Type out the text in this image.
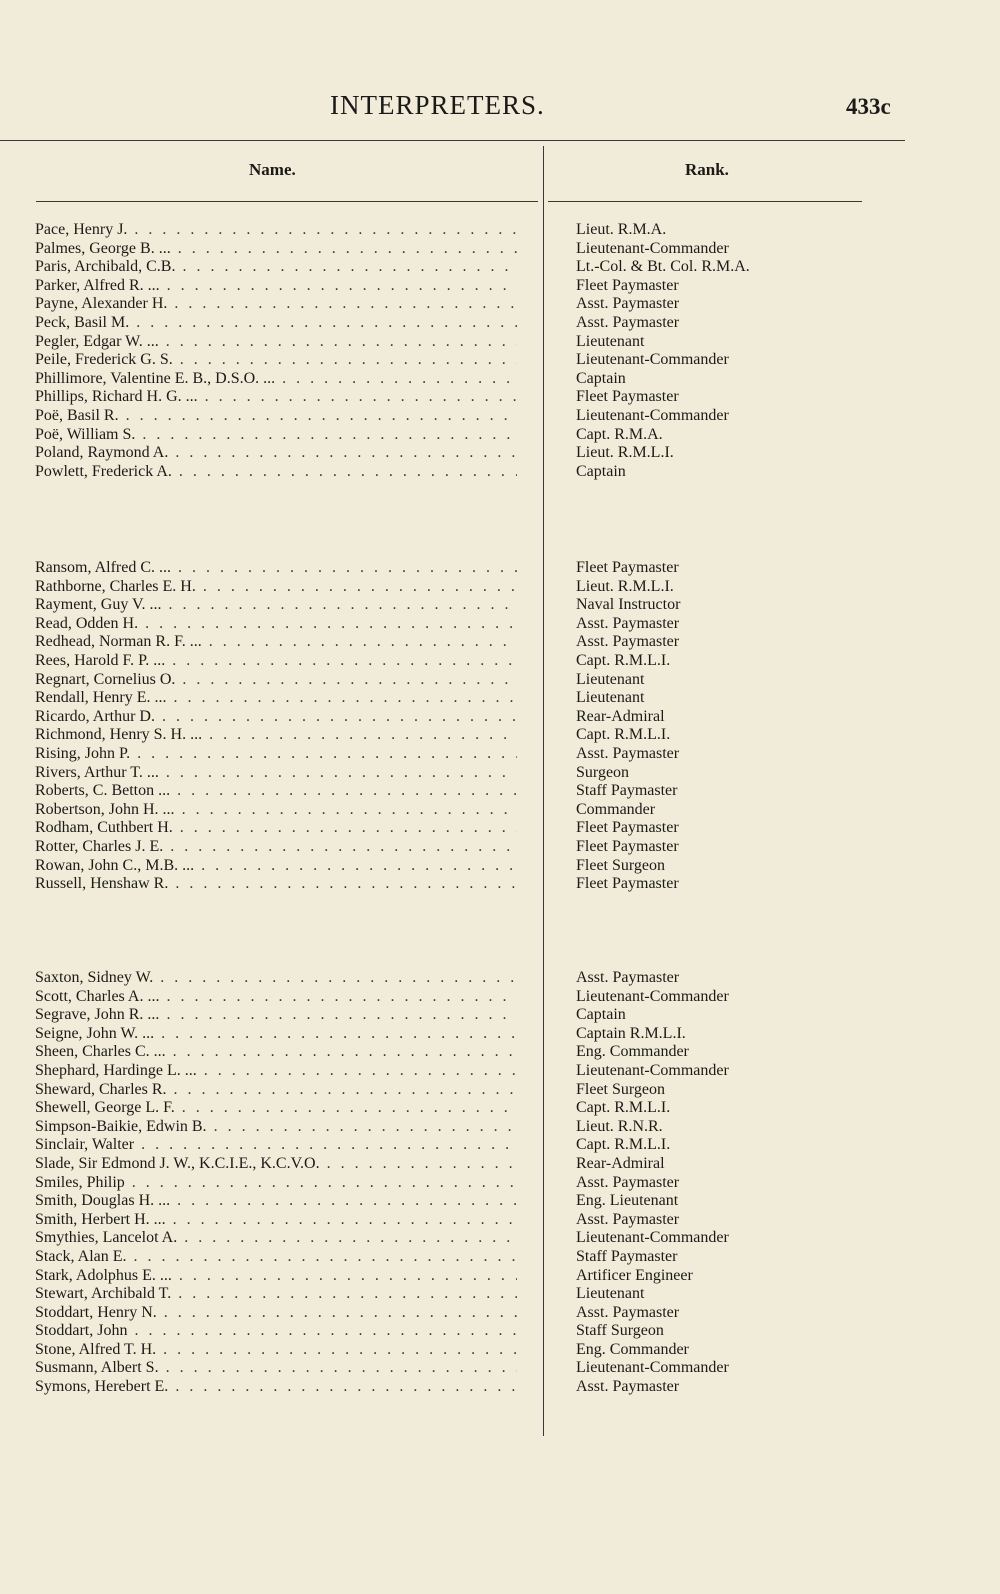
INTERPRETERS.	433c
Name.	Rank.
Pace, Henry J. . . .	Lieut. R.M.A.
Palmes, George B. ... . . .	Lieutenant-Commander
Paris, Archibald, C.B. . . .	Lt.-Col. & Bt. Col. R.M.A.
Parker, Alfred R. ... . . .	Fleet Paymaster
Payne, Alexander H. . . .	Asst. Paymaster
Peck, Basil M. . . .	Asst. Paymaster
Pegler, Edgar W. ... . . .	Lieutenant
Peile, Frederick G. S. . . .	Lieutenant-Commander
Phillimore, Valentine E. B., D.S.O. ... . . .	Captain
Phillips, Richard H. G. ... . . .	Fleet Paymaster
Poë, Basil R. . . .	Lieutenant-Commander
Poë, William S. . . .	Capt. R.M.A.
Poland, Raymond A. . . .	Lieut. R.M.L.I.
Powlett, Frederick A. . . .	Captain
Ransom, Alfred C. ... . . .	Fleet Paymaster
Rathborne, Charles E. H. . . .	Lieut. R.M.L.I.
Rayment, Guy V. ... . . .	Naval Instructor
Read, Odden H. . . .	Asst. Paymaster
Redhead, Norman R. F. ... . . .	Asst. Paymaster
Rees, Harold F. P. ... . . .	Capt. R.M.L.I.
Regnart, Cornelius O. . . .	Lieutenant
Rendall, Henry E. ... . . .	Lieutenant
Ricardo, Arthur D. . . .	Rear-Admiral
Richmond, Henry S. H. ... . . .	Capt. R.M.L.I.
Rising, John P. . . .	Asst. Paymaster
Rivers, Arthur T. ... . . .	Surgeon
Roberts, C. Betton ... . . .	Staff Paymaster
Robertson, John H. ... . . .	Commander
Rodham, Cuthbert H. . . .	Fleet Paymaster
Rotter, Charles J. E. . . .	Fleet Paymaster
Rowan, John C., M.B. ... . . .	Fleet Surgeon
Russell, Henshaw R. . . .	Fleet Paymaster
Saxton, Sidney W. . . .	Asst. Paymaster
Scott, Charles A. ... . . .	Lieutenant-Commander
Segrave, John R. ... . . .	Captain
Seigne, John W. ... . . .	Captain R.M.L.I.
Sheen, Charles C. ... . . .	Eng. Commander
Shephard, Hardinge L. ... . . .	Lieutenant-Commander
Sheward, Charles R. . . .	Fleet Surgeon
Shewell, George L. F. . . .	Capt. R.M.L.I.
Simpson-Baikie, Edwin B. . . .	Lieut. R.N.R.
Sinclair, Walter . . .	Capt. R.M.L.I.
Slade, Sir Edmond J. W., K.C.I.E., K.C.V.O. . . .	Rear-Admiral
Smiles, Philip . . .	Asst. Paymaster
Smith, Douglas H. ... . . .	Eng. Lieutenant
Smith, Herbert H. ... . . .	Asst. Paymaster
Smythies, Lancelot A. . . .	Lieutenant-Commander
Stack, Alan E. . . .	Staff Paymaster
Stark, Adolphus E. ... . . .	Artificer Engineer
Stewart, Archibald T. . . .	Lieutenant
Stoddart, Henry N. . . .	Asst. Paymaster
Stoddart, John . . .	Staff Surgeon
Stone, Alfred T. H. . . .	Eng. Commander
Susmann, Albert S. . . .	Lieutenant-Commander
Symons, Herebert E. . . .	Asst. Paymaster
